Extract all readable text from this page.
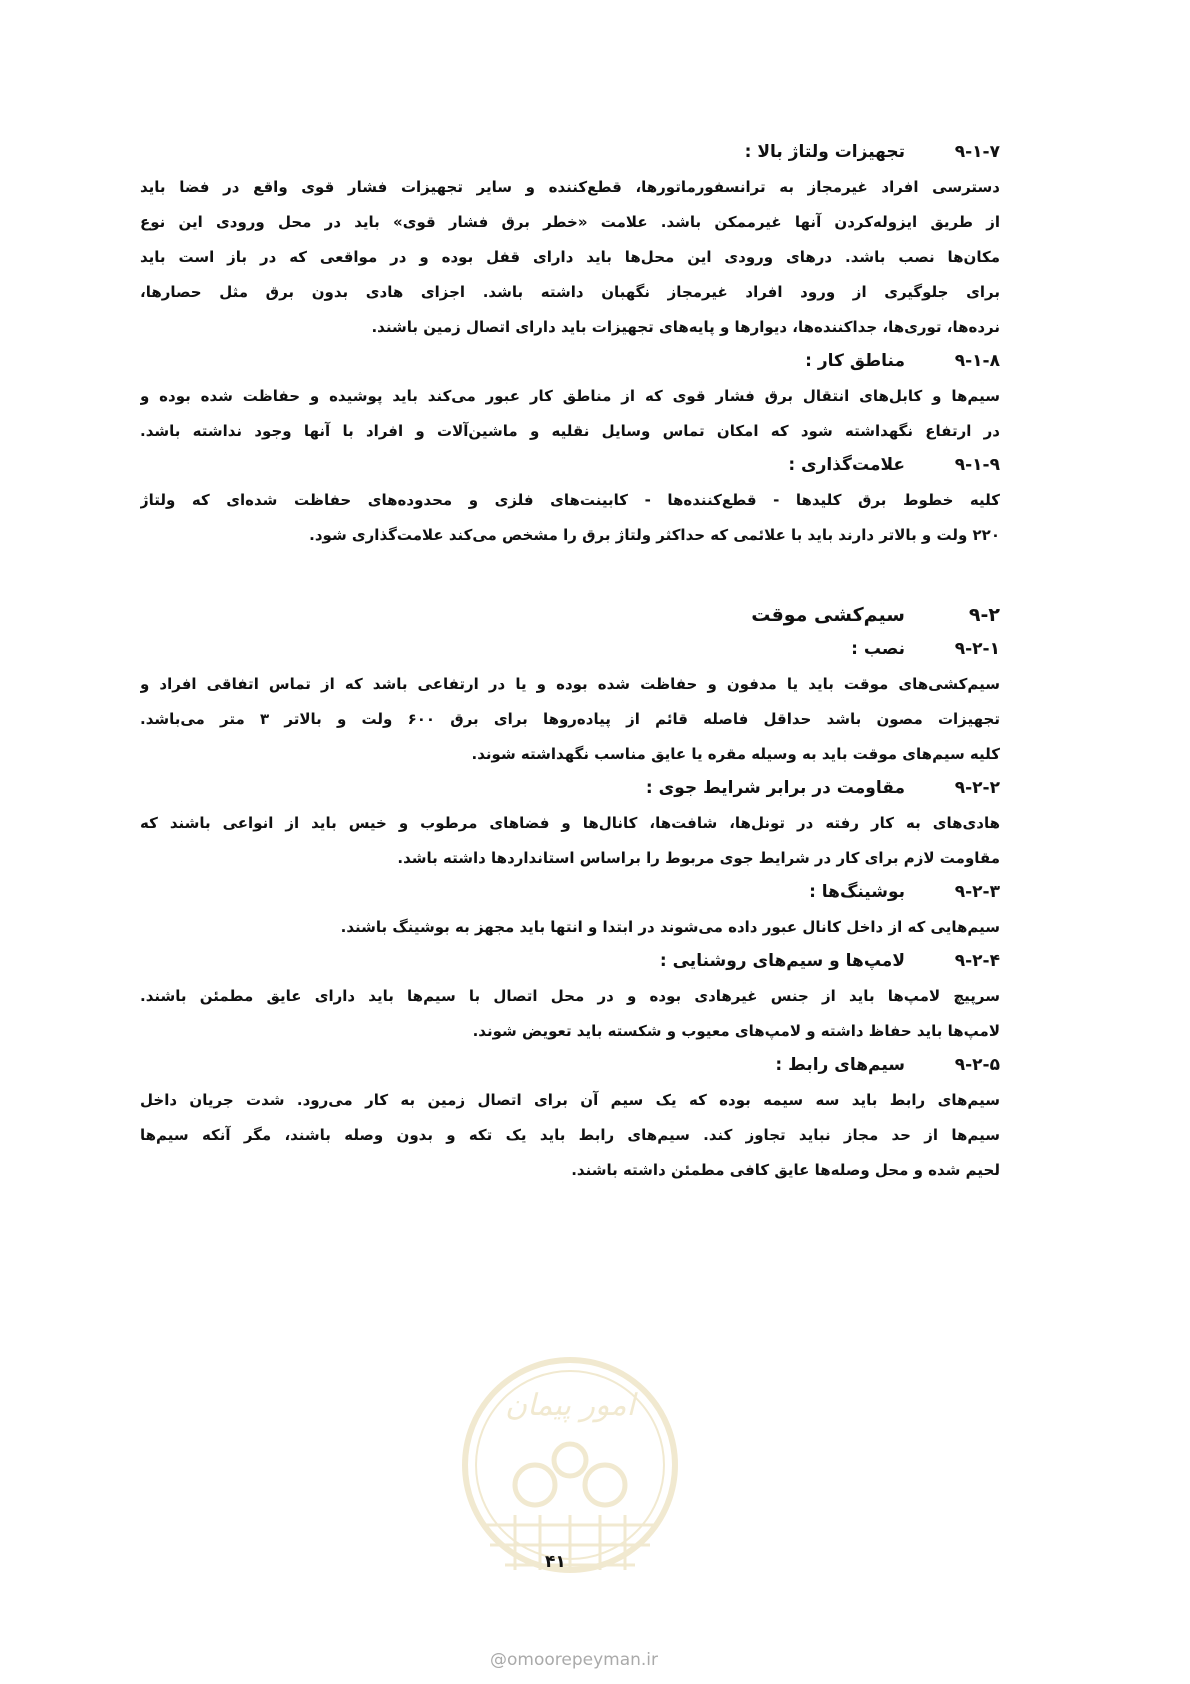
۹-۱-۷
تجهیزات ولتاژ بالا :
دسترسی افراد غیرمجاز به ترانسفورماتورها، قطع‌کننده و سایر تجهیزات فشار قوی واقع در فضا باید
از طریق ایزوله‌کردن آنها غیرممکن باشد. علامت «خطر برق فشار قوی» باید در محل ورودی این نوع
مکان‌ها نصب باشد. درهای ورودی این محل‌ها باید دارای قفل بوده و در مواقعی که در باز است باید
برای جلوگیری از ورود افراد غیرمجاز نگهبان داشته باشد. اجزای هادی بدون برق مثل حصارها،
نرده‌ها، توری‌ها، جداکننده‌ها، دیوارها و پایه‌های تجهیزات باید دارای اتصال زمین باشند.
۹-۱-۸
مناطق کار :
سیم‌ها و کابل‌های انتقال برق فشار قوی که از مناطق کار عبور می‌کند باید پوشیده و حفاظت شده بوده و
در ارتفاع نگهداشته شود که امکان تماس وسایل نقلیه و ماشین‌آلات و افراد با آنها وجود نداشته باشد.
۹-۱-۹
علامت‌گذاری :
کلیه خطوط برق کلیدها - قطع‌کننده‌ها - کابینت‌های فلزی و محدوده‌های حفاظت شده‌ای که ولتاژ
۲۲۰ ولت و بالاتر دارند باید با علائمی که حداکثر ولتاژ برق را مشخص می‌کند علامت‌گذاری شود.
۹-۲
سیم‌کشی موقت
۹-۲-۱
نصب :
سیم‌کشی‌های موقت باید یا مدفون و حفاظت شده بوده و یا در ارتفاعی باشد که از تماس اتفاقی افراد و
تجهیزات مصون باشد حداقل فاصله قائم از پیاده‌روها برای برق ۶۰۰ ولت و بالاتر ۳ متر می‌باشد.
کلیه سیم‌های موقت باید به وسیله مقره یا عایق مناسب نگهداشته شوند.
۹-۲-۲
مقاومت در برابر شرایط جوی :
هادی‌های به کار رفته در تونل‌ها، شافت‌ها، کانال‌ها و فضاهای مرطوب و خیس باید از انواعی باشند که
مقاومت لازم برای کار در شرایط جوی مربوط را براساس استانداردها داشته باشد.
۹-۲-۳
بوشینگ‌ها :
سیم‌هایی که از داخل کانال عبور داده می‌شوند در ابتدا و انتها باید مجهز به بوشینگ باشند.
۹-۲-۴
لامپ‌ها و سیم‌های روشنایی :
سرپیچ لامپ‌ها باید از جنس غیرهادی بوده و در محل اتصال با سیم‌ها باید دارای عایق مطمئن باشند.
لامپ‌ها باید حفاظ داشته و لامپ‌های معیوب و شکسته باید تعویض شوند.
۹-۲-۵
سیم‌های رابط :
سیم‌های رابط باید سه سیمه بوده که یک سیم آن برای اتصال زمین به کار می‌رود. شدت جریان داخل
سیم‌ها از حد مجاز نباید تجاوز کند. سیم‌های رابط باید یک تکه و بدون وصله باشند، مگر آنکه سیم‌ها
لحیم شده و محل وصله‌ها عایق کافی مطمئن داشته باشند.
امور پیمان
۴۱
@omoorepeyman.ir
